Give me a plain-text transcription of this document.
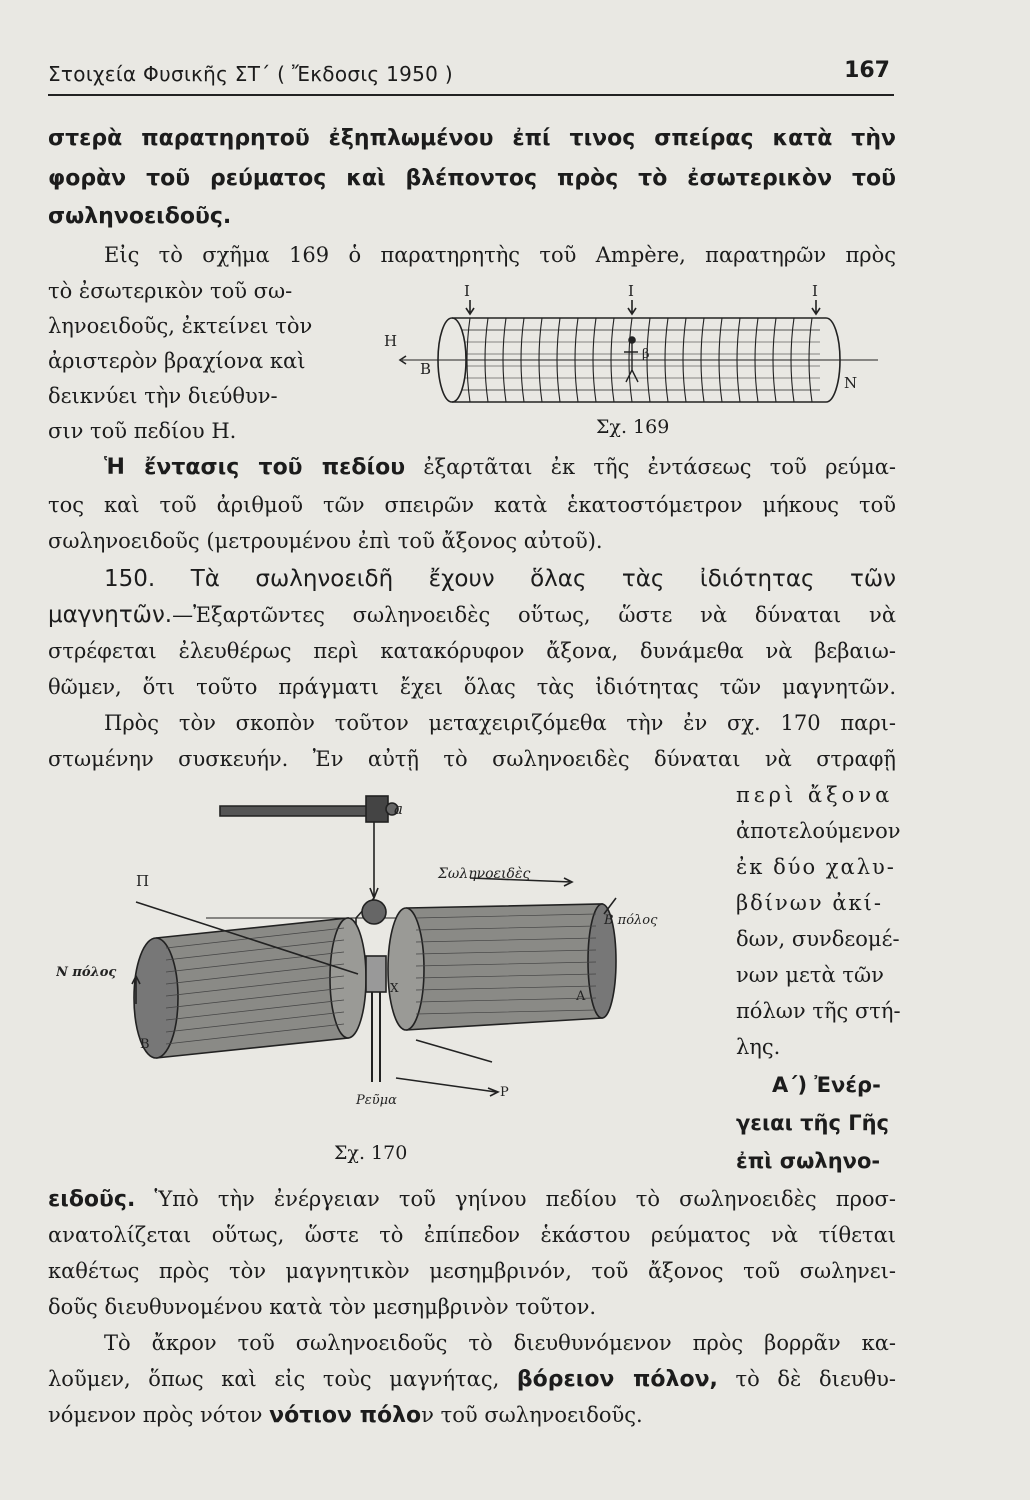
Στοιχεία Φυσικῆς ΣΤ΄ ( Ἔκδοσις 1950 )	167
στερὰ παρατηρητοῦ ἐξηπλωμένου ἐπί τινος σπείρας κατὰ τὴν
φορὰν τοῦ ρεύματος καὶ βλέποντος πρὸς τὸ ἐσωτερικὸν τοῦ
σωληνοειδοῦς.
Εἰς τὸ σχῆμα 169 ὁ παρατηρητὴς τοῦ Ampère, παρατηρῶν πρὸς
τὸ ἐσωτερικὸν τοῦ σω-
ληνοειδοῦς, ἐκτείνει τὸν
ἀριστερὸν βραχίονα καὶ
δεικνύει τὴν διεύθυν-
σιν τοῦ πεδίου Η.
I	I	I
H
B
N
β
Σχ. 169
Ἡ ἔντασις τοῦ πεδίου ἐξαρτᾶται ἐκ τῆς ἐντάσεως τοῦ ρεύμα-
τος καὶ τοῦ ἀριθμοῦ τῶν σπειρῶν κατὰ ἑκατοστόμετρον μήκους τοῦ
σωληνοειδοῦς (μετρουμένου ἐπὶ τοῦ ἄξονος αὐτοῦ).
150. Τὰ σωληνοειδῆ ἔχουν ὅλας τὰς ἰδιότητας τῶν
μαγνητῶν.—Ἐξαρτῶντες σωληνοειδὲς οὕτως, ὥστε νὰ δύναται νὰ
στρέφεται ἐλευθέρως περὶ κατακόρυφον ἄξονα, δυνάμεθα νὰ βεβαιω-
θῶμεν, ὅτι τοῦτο πράγματι ἔχει ὅλας τὰς ἰδιότητας τῶν μαγνητῶν.
Πρὸς τὸν σκοπὸν τοῦτον μεταχειριζόμεθα τὴν ἐν σχ. 170 παρι-
στωμένην συσκευήν. Ἐν αὐτῇ τὸ σωληνοειδὲς δύναται νὰ στραφῇ
περὶ ἄξονα
ἀποτελούμενον
ἐκ δύο χαλυ-
βδίνων ἀκί-
δων, συνδεομέ-
νων μετὰ τῶν
πόλων τῆς στή-
λης.
Α΄) Ἐνέρ-
γειαι τῆς Γῆς
ἐπὶ σωληνο-
a
Π	Σωληνοειδὲς
Β πόλος
Ν πόλος
Χ
Α
Β
Ρεῦμα
Ρ
Σχ. 170
ειδοῦς. Ὑπὸ τὴν ἐνέργειαν τοῦ γηίνου πεδίου τὸ σωληνοειδὲς προσ-
ανατολίζεται οὕτως, ὥστε τὸ ἐπίπεδον ἑκάστου ρεύματος νὰ τίθεται
καθέτως πρὸς τὸν μαγνητικὸν μεσημβρινόν, τοῦ ἄξονος τοῦ σωληνει-
δοῦς διευθυνομένου κατὰ τὸν μεσημβρινὸν τοῦτον.
Τὸ ἄκρον τοῦ σωληνοειδοῦς τὸ διευθυνόμενον πρὸς βορρᾶν κα-
λοῦμεν, ὅπως καὶ εἰς τοὺς μαγνήτας, βόρειον πόλον, τὸ δὲ διευθυ-
νόμενον πρὸς νότον νότιον πόλον τοῦ σωληνοειδοῦς.
